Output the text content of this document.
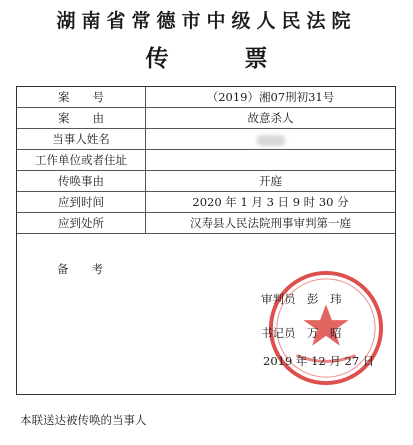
湖南省常德市中级人民法院
传 票
案　　号	（2019）湘07刑初31号
案　　由	故意杀人
当事人姓名	
工作单位或者住址	
传唤事由	开庭
应到时间	2020 年 1 月 3 日 9 时 30 分
应到处所	汉寿县人民法院刑事审判第一庭
备　　考
审判员　彭　玮
书记员　万　昭
2019 年 12 月 27 日
本联送达被传唤的当事人
